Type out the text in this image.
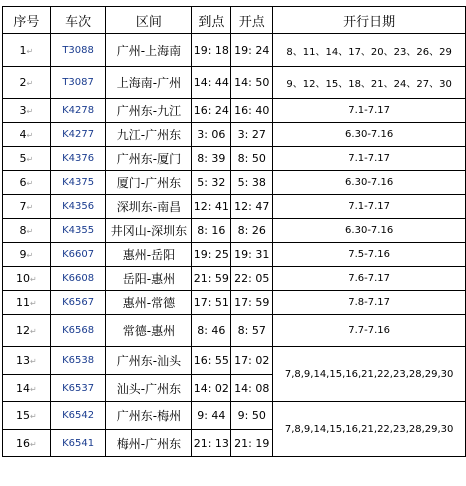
序号	车次	区间	到点	开点	开行日期
1↵	T3088	广州-上海南	19: 18	19: 24	8、11、14、17、20、23、26、29
2↵	T3087	上海南-广州	14: 44	14: 50	9、12、15、18、21、24、27、30
3↵	K4278	广州东-九江	16: 24	16: 40	7.1-7.17
4↵	K4277	九江-广州东	3: 06	3: 27	6.30-7.16
5↵	K4376	广州东-厦门	8: 39	8: 50	7.1-7.17
6↵	K4375	厦门-广州东	5: 32	5: 38	6.30-7.16
7↵	K4356	深圳东-南昌	12: 41	12: 47	7.1-7.17
8↵	K4355	井冈山-深圳东	8: 16	8: 26	6.30-7.16
9↵	K6607	惠州-岳阳	19: 25	19: 31	7.5-7.16
10↵	K6608	岳阳-惠州	21: 59	22: 05	7.6-7.17
11↵	K6567	惠州-常德	17: 51	17: 59	7.8-7.17
12↵	K6568	常德-惠州	8: 46	8: 57	7.7-7.16
13↵	K6538	广州东-汕头	16: 55	17: 02	7,8,9,14,15,16,21,22,23,28,29,30
14↵	K6537	汕头-广州东	14: 02	14: 08	
15↵	K6542	广州东-梅州	9: 44	9: 50	7,8,9,14,15,16,21,22,23,28,29,30
16↵	K6541	梅州-广州东	21: 13	21: 19	
